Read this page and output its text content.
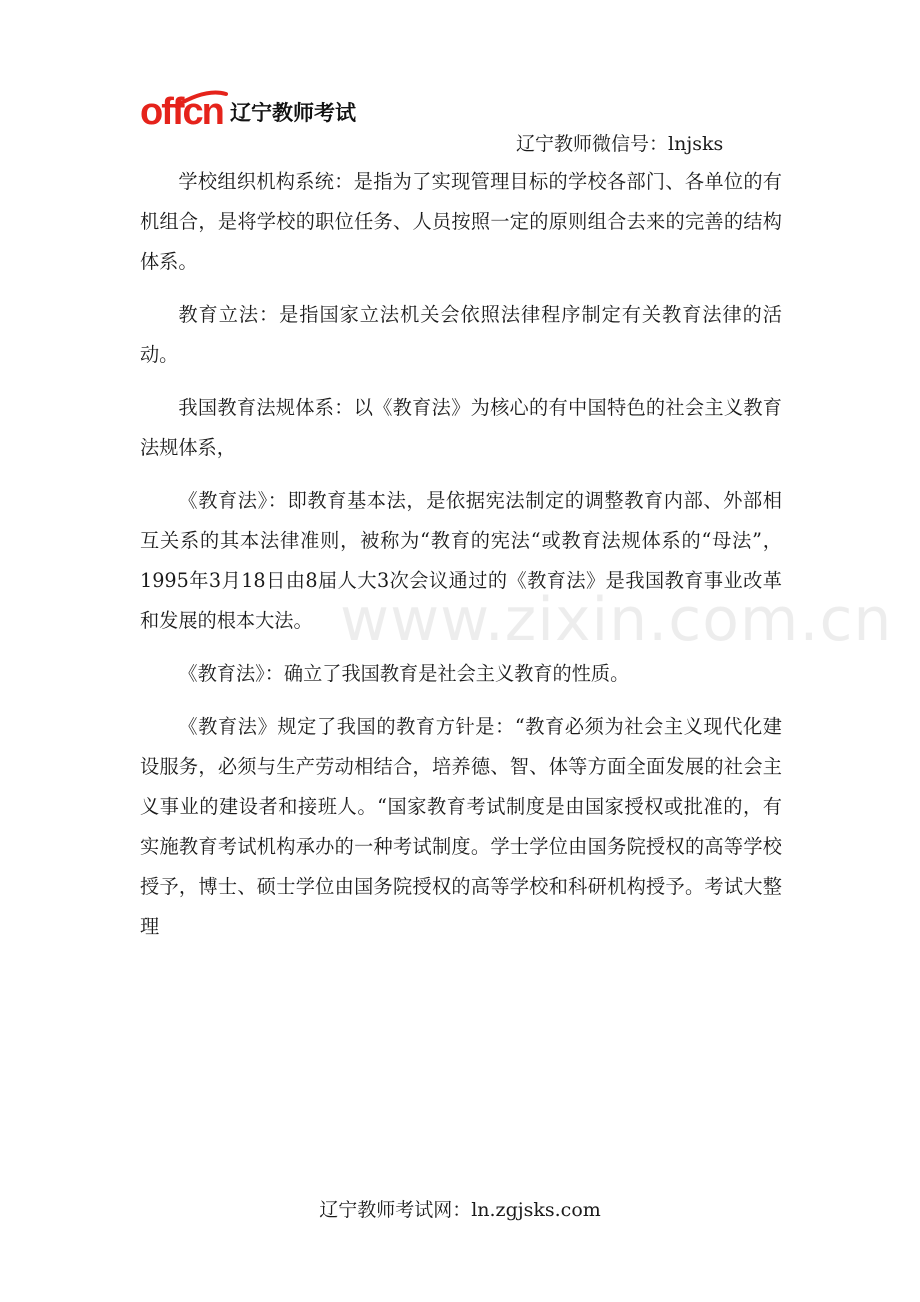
offcn 辽宁教师考试
辽宁教师微信号：lnjsks
www.zixin.com.cn

学校组织机构系统：是指为了实现管理目标的学校各部门、各单位的有机组合，是将学校的职位任务、人员按照一定的原则组合去来的完善的结构体系。

教育立法：是指国家立法机关会依照法律程序制定有关教育法律的活动。

我国教育法规体系：以《教育法》为核心的有中国特色的社会主义教育法规体系，

《教育法》：即教育基本法，是依据宪法制定的调整教育内部、外部相互关系的其本法律准则，被称为“教育的宪法“或教育法规体系的“母法”，1995年3月18日由8届人大3次会议通过的《教育法》是我国教育事业改革和发展的根本大法。

《教育法》：确立了我国教育是社会主义教育的性质。

《教育法》规定了我国的教育方针是：“教育必须为社会主义现代化建设服务，必须与生产劳动相结合，培养德、智、体等方面全面发展的社会主义事业的建设者和接班人。“国家教育考试制度是由国家授权或批准的，有实施教育考试机构承办的一种考试制度。学士学位由国务院授权的高等学校授予，博士、硕士学位由国务院授权的高等学校和科研机构授予。考试大整理

辽宁教师考试网：ln.zgjsks.com
